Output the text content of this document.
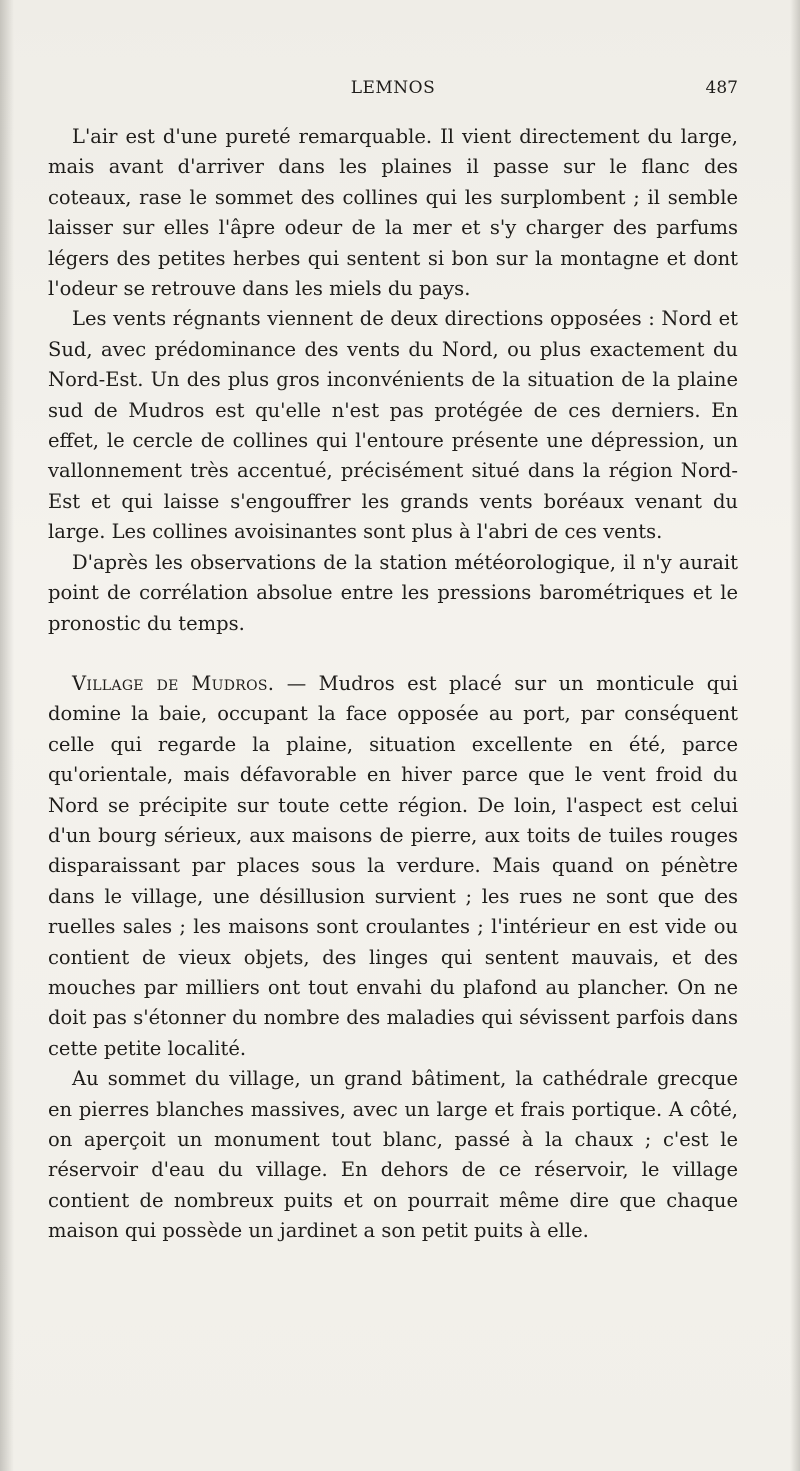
LEMNOS	487

L'air est d'une pureté remarquable. Il vient directement du large, mais avant d'arriver dans les plaines il passe sur le flanc des coteaux, rase le sommet des collines qui les surplombent ; il semble laisser sur elles l'âpre odeur de la mer et s'y charger des parfums légers des petites herbes qui sentent si bon sur la montagne et dont l'odeur se retrouve dans les miels du pays.

Les vents régnants viennent de deux directions opposées : Nord et Sud, avec prédominance des vents du Nord, ou plus exactement du Nord-Est. Un des plus gros inconvénients de la situation de la plaine sud de Mudros est qu'elle n'est pas protégée de ces derniers. En effet, le cercle de collines qui l'entoure présente une dépression, un vallonnement très accentué, précisément situé dans la région Nord-Est et qui laisse s'engouffrer les grands vents boréaux venant du large. Les collines avoisinantes sont plus à l'abri de ces vents.

D'après les observations de la station météorologique, il n'y aurait point de corrélation absolue entre les pressions barométriques et le pronostic du temps.

Village de Mudros. — Mudros est placé sur un monticule qui domine la baie, occupant la face opposée au port, par conséquent celle qui regarde la plaine, situation excellente en été, parce qu'orientale, mais défavorable en hiver parce que le vent froid du Nord se précipite sur toute cette région. De loin, l'aspect est celui d'un bourg sérieux, aux maisons de pierre, aux toits de tuiles rouges disparaissant par places sous la verdure. Mais quand on pénètre dans le village, une désillusion survient ; les rues ne sont que des ruelles sales ; les maisons sont croulantes ; l'intérieur en est vide ou contient de vieux objets, des linges qui sentent mauvais, et des mouches par milliers ont tout envahi du plafond au plancher. On ne doit pas s'étonner du nombre des maladies qui sévissent parfois dans cette petite localité.

Au sommet du village, un grand bâtiment, la cathédrale grecque en pierres blanches massives, avec un large et frais portique. A côté, on aperçoit un monument tout blanc, passé à la chaux ; c'est le réservoir d'eau du village. En dehors de ce réservoir, le village contient de nombreux puits et on pourrait même dire que chaque maison qui possède un jardinet a son petit puits à elle.
